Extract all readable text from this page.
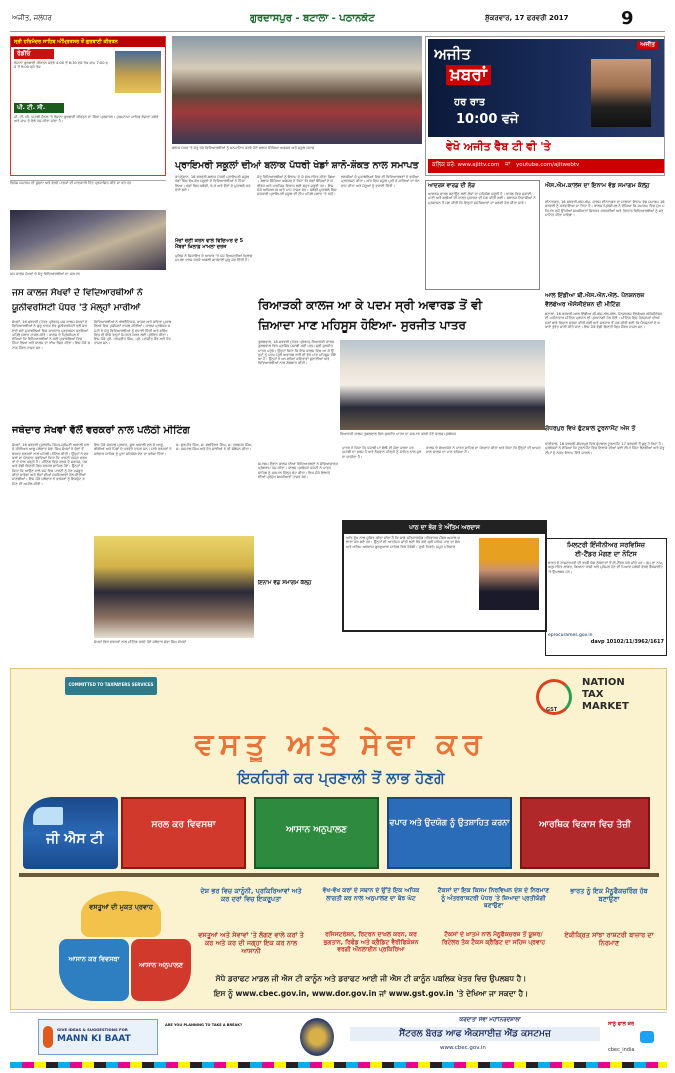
ਅਜੀਤ, ਜਲੰਧਰ	ਗੁਰਦਾਸਪੁਰ - ਬਟਾਲਾ - ਪਠਾਨਕੋਟ	ਸ਼ੁੱਕਰਵਾਰ, 17 ਫਰਵਰੀ 2017	9
ਸ੍ਰੀ ਹਰਿਮੰਦਰ ਸਾਹਿਬ ਅੰਮ੍ਰਿਤਸਰ ਤੋਂ ਗੁਰਬਾਣੀ ਕੀਰਤਨ
ਰੇਡੀਓ
ਰੋਜ਼ਾਨਾ ਗੁਰਬਾਣੀ ਕੀਰਤਨ ਸਵੇਰੇ 4:00 ਤੋਂ 6:30 ਵਜੇ ਤੱਕ ਸ਼ਾਮ 7:00 ਵਜੇ ਤੋਂ 9:00 ਵਜੇ ਤੱਕ
ਪੀ. ਟੀ. ਸੀ.
ਪੀ. ਟੀ. ਸੀ. ਪੰਜਾਬੀ ਚੈਨਲ 'ਤੇ ਰੋਜ਼ਾਨਾ ਗੁਰਬਾਣੀ ਕੀਰਤਨ ਦਾ ਸਿੱਧਾ ਪ੍ਰਸਾਰਨ। ਹੁਕਮਨਾਮਾ ਸਾਹਿਬ ਰੋਜ਼ਾਨਾ ਸਵੇਰੇ ਅਤੇ ਸ਼ਾਮ ਦੇ ਵੇਲੇ ਪੇਸ਼ ਕੀਤਾ ਜਾਂਦਾ ਹੈ।
ਬਲਾਕ ਪੱਧਰ 'ਤੇ ਜੇਤੂ ਰਹੇ ਵਿਦਿਆਰਥੀਆਂ ਨੂੰ ਸਨਮਾਨਿਤ ਕਰਦੇ ਹੋਏ ਬਲਾਕ ਸਿੱਖਿਆ ਅਫਸਰ ਅਤੇ ਸਕੂਲ ਸਟਾਫ਼
ਪ੍ਰਾਇਮਰੀ ਸਕੂਲਾਂ ਦੀਆਂ ਬਲਾਕ ਪੱਧਰੀ ਖੇਡਾਂ ਸ਼ਾਨੋ-ਸ਼ੌਕਤ ਨਾਲ ਸਮਾਪਤ
ਅਜੀਤ
ਅਜੀਤ
ਖ਼ਬਰਾਂ
ਹਰ ਰਾਤ
10:00 ਵਜੇ
ਵੇਖੋ ਅਜੀਤ ਵੈਬ ਟੀ ਵੀ 'ਤੇ
ਕਲਿੱਕ ਕਰੋ: www.ajittv.com ਜਾਂ youtube.com/ajitwebtv
ਵਿਸ਼ੇਸ਼ ਸਮਾਗਮ ਦੀ ਸੂਚਨਾ ਅਤੇ ਵੇਰਵੇ ਪਾਠਕਾਂ ਦੀ ਜਾਣਕਾਰੀ ਹਿੱਤ ਪ੍ਰਕਾਸ਼ਿਤ ਕੀਤੇ ਜਾ ਰਹੇ ਹਨ
ਜਸ ਕਾਲਜ ਸੇਖਵਾਂ ਦੇ ਜੇਤੂ ਵਿਦਿਆਰਥੀਆਂ ਦਾ ਸਨਮਾਨ
ਜਸ ਕਾਲਜ ਸੇਖਵਾਂ ਦੇ ਵਿਦਿਆਰਥੀਆਂ ਨੇ
ਯੂਨੀਵਰਸਿਟੀ ਪੱਧਰ 'ਤੇ ਮੱਲ੍ਹਾਂ ਮਾਰੀਆਂ
ਸੇਖਵਾਂ, 16 ਫਰਵਰੀ (ਪੱਤਰ ਪ੍ਰੇਰਕ)-ਜਸ ਕਾਲਜ ਸੇਖਵਾਂ ਦੇ ਵਿਦਿਆਰਥੀਆਂ ਨੇ ਗੁਰੂ ਨਾਨਕ ਦੇਵ ਯੂਨੀਵਰਸਿਟੀ ਵਲੋਂ ਕਰਵਾਏ ਗਏ ਮੁਕਾਬਲਿਆਂ ਵਿਚ ਸ਼ਾਨਦਾਰ ਪ੍ਰਦਰਸ਼ਨ ਕਰਦਿਆਂ ਪਹਿਲੇ ਸਥਾਨ ਹਾਸਲ ਕੀਤੇ। ਕਾਲਜ ਦੇ ਪ੍ਰਿੰਸੀਪਲ ਨੇ ਦੱਸਿਆ ਕਿ ਵਿਦਿਆਰਥੀਆਂ ਨੇ ਕਈ ਮੁਕਾਬਲਿਆਂ ਵਿਚ ਹਿੱਸਾ ਲਿਆ ਅਤੇ ਕਾਲਜ ਦਾ ਨਾਂਅ ਰੌਸ਼ਨ ਕੀਤਾ। ਇਸ ਮੌਕੇ ਸਟਾਫ਼ ਮੈਂਬਰ ਹਾਜ਼ਰ ਸਨ।
ਵਿਦਿਆਰਥੀਆਂ ਨੇ ਐਥਲੈਟਿਕਸ, ਭਾਸ਼ਣ ਅਤੇ ਕਵਿਤਾ ਮੁਕਾਬਲਿਆਂ ਵਿਚ ਪੁਜ਼ੀਸ਼ਨਾਂ ਹਾਸਲ ਕੀਤੀਆਂ। ਕਾਲਜ ਪ੍ਰਬੰਧਕ ਕਮੇਟੀ ਨੇ ਜੇਤੂ ਵਿਦਿਆਰਥੀਆਂ ਨੂੰ ਵਧਾਈ ਦਿੱਤੀ ਅਤੇ ਭਵਿੱਖ ਵਿਚ ਵੀ ਇਸੇ ਤਰ੍ਹਾਂ ਮਿਹਨਤ ਕਰਨ ਲਈ ਪ੍ਰੇਰਿਤ ਕੀਤਾ। ਇਸ ਮੌਕੇ ਪ੍ਰੋ. ਹਰਪ੍ਰੀਤ ਸਿੰਘ, ਪ੍ਰੋ. ਮਨਜੀਤ ਕੌਰ ਅਤੇ ਹੋਰ ਹਾਜ਼ਰ ਸਨ।
ਜਥੇਦਾਰ ਸੇਖਵਾਂ ਵੱਲੋਂ ਵਰਕਰਾਂ ਨਾਲ ਪਲੇਠੀ ਮੀਟਿੰਗ
ਸੇਖਵਾਂ, 16 ਫਰਵਰੀ (ਕੁਲਦੀਪ ਸਿੰਘ)-ਸ਼੍ਰੋਮਣੀ ਅਕਾਲੀ ਦਲ ਦੇ ਸੀਨੀਅਰ ਆਗੂ ਜਥੇਦਾਰ ਸੇਵਾ ਸਿੰਘ ਸੇਖਵਾਂ ਨੇ ਚੋਣਾਂ ਤੋਂ ਬਾਅਦ ਵਰਕਰਾਂ ਨਾਲ ਪਹਿਲੀ ਮੀਟਿੰਗ ਕੀਤੀ। ਉਨ੍ਹਾਂ ਨੇ ਵਰਕਰਾਂ ਦਾ ਧੰਨਵਾਦ ਕਰਦਿਆਂ ਕਿਹਾ ਕਿ ਪਾਰਟੀ ਹਮੇਸ਼ਾ ਵਰਕਰਾਂ ਦੇ ਨਾਲ ਖੜ੍ਹੀ ਹੈ। ਮੀਟਿੰਗ ਵਿਚ ਹਲਕੇ ਦੇ ਸਰਪੰਚ, ਪੰਚ ਅਤੇ ਵੱਡੀ ਗਿਣਤੀ ਵਿਚ ਵਰਕਰ ਸ਼ਾਮਿਲ ਹੋਏ। ਉਨ੍ਹਾਂ ਨੇ ਕਿਹਾ ਕਿ ਆਉਣ ਵਾਲੇ ਸਮੇਂ ਵਿਚ ਪਾਰਟੀ ਨੂੰ ਹੋਰ ਮਜ਼ਬੂਤ ਕੀਤਾ ਜਾਵੇਗਾ ਅਤੇ ਲੋਕਾਂ ਦੀਆਂ ਸਮੱਸਿਆਵਾਂ ਹੱਲ ਕੀਤੀਆਂ ਜਾਣਗੀਆਂ। ਇਸ ਮੌਕੇ ਜਥੇਦਾਰ ਨੇ ਵਰਕਰਾਂ ਨੂੰ ਇਕਜੁੱਟ ਰਹਿਣ ਦੀ ਅਪੀਲ ਕੀਤੀ।
ਇਸ ਮੌਕੇ ਸਰਕਲ ਪ੍ਰਧਾਨ, ਯੂਥ ਅਕਾਲੀ ਦਲ ਦੇ ਆਗੂ, ਬੀਬੀਆਂ ਅਤੇ ਪਿੰਡਾਂ ਦੇ ਪਤਵੰਤੇ ਹਾਜ਼ਰ ਸਨ। ਸਾਰੇ ਵਰਕਰਾਂ ਨੇ ਜਥੇਦਾਰ ਸਾਹਿਬ ਨੂੰ ਪੂਰਾ ਸਹਿਯੋਗ ਦੇਣ ਦਾ ਭਰੋਸਾ ਦਿੱਤਾ।
ਸ: ਗੁਰਮੀਤ ਸਿੰਘ, ਸ: ਬਲਵਿੰਦਰ ਸਿੰਘ, ਸ: ਹਰਭਜਨ ਸਿੰਘ, ਸ: ਜਸਪਾਲ ਸਿੰਘ ਅਤੇ ਹੋਰ ਸਾਥੀਆਂ ਨੇ ਵੀ ਸੰਬੋਧਨ ਕੀਤਾ।
ਸੇਖਵਾਂ ਵਿਖੇ ਵਰਕਰਾਂ ਨਾਲ ਮੀਟਿੰਗ ਕਰਦੇ ਹੋਏ ਜਥੇਦਾਰ ਸੇਵਾ ਸਿੰਘ ਸੇਖਵਾਂ
ਕਾਹਨੂੰਵਾਨ, 16 ਫਰਵਰੀ-ਬਲਾਕ ਪੱਧਰੀ ਪ੍ਰਾਇਮਰੀ ਸਕੂਲ ਖੇਡਾਂ ਵਿਚ ਵੱਖ-ਵੱਖ ਸਕੂਲਾਂ ਦੇ ਵਿਦਿਆਰਥੀਆਂ ਨੇ ਹਿੱਸਾ ਲਿਆ। ਖੇਡਾਂ ਵਿਚ ਕਬੱਡੀ, ਖੋ-ਖੋ ਅਤੇ ਦੌੜਾਂ ਦੇ ਮੁਕਾਬਲੇ ਕਰਵਾਏ ਗਏ।
ਮੈਚਾਂ ਚੋਣੀ ਕਰਨ ਵਾਲੇ ਵਿਦਿਅਰ ਦੇ 5 ਮੈਂਬਰਾਂ ਖ਼ਿਲਾਫ਼ ਮਾਮਲਾ ਦਰਜ
ਪੁਲਿਸ ਨੇ ਸ਼ਿਕਾਇਤ ਦੇ ਆਧਾਰ 'ਤੇ ਪੰਜ ਵਿਅਕਤੀਆਂ ਖ਼ਿਲਾਫ਼ ਮਾਮਲਾ ਦਰਜ ਕਰਕੇ ਅਗਲੀ ਕਾਰਵਾਈ ਸ਼ੁਰੂ ਕਰ ਦਿੱਤੀ ਹੈ।
ਜੇਤੂ ਵਿਦਿਆਰਥੀਆਂ ਨੂੰ ਇਨਾਮ ਦੇ ਕੇ ਸਨਮਾਨਿਤ ਕੀਤਾ ਗਿਆ। ਬਲਾਕ ਸਿੱਖਿਆ ਅਫਸਰ ਨੇ ਕਿਹਾ ਕਿ ਖੇਡਾਂ ਬੱਚਿਆਂ ਦੇ ਸਰੀਰਕ ਅਤੇ ਮਾਨਸਿਕ ਵਿਕਾਸ ਲਈ ਬਹੁਤ ਜ਼ਰੂਰੀ ਹਨ। ਇਸ ਮੌਕੇ ਅਧਿਆਪਕ ਅਤੇ ਮਾਪੇ ਹਾਜ਼ਰ ਸਨ। ਕਬੱਡੀ ਮੁਕਾਬਲੇ ਵਿਚ ਸਰਕਾਰੀ ਪ੍ਰਾਇਮਰੀ ਸਕੂਲ ਦੀ ਟੀਮ ਪਹਿਲੇ ਸਥਾਨ 'ਤੇ ਰਹੀ।
ਲੜਕੀਆਂ ਦੇ ਮੁਕਾਬਲਿਆਂ ਵਿਚ ਵੀ ਵਿਦਿਆਰਥਣਾਂ ਨੇ ਵਧੀਆ ਪ੍ਰਦਰਸ਼ਨ ਕੀਤਾ। ਅੰਤ ਵਿਚ ਸਕੂਲ ਮੁਖੀ ਨੇ ਸਾਰਿਆਂ ਦਾ ਧੰਨਵਾਦ ਕੀਤਾ ਅਤੇ ਜੇਤੂਆਂ ਨੂੰ ਵਧਾਈ ਦਿੱਤੀ।	ਆਦਰਸ਼ ਵਾਰਡ ਦੀ ਲੋੜ
ਆਦਰਸ਼ ਵਾਰਡ ਬਣਾਉਣ ਲਈ ਲੋਕਾਂ ਦਾ ਸਹਿਯੋਗ ਜ਼ਰੂਰੀ ਹੈ। ਵਾਰਡ ਵਿਚ ਸਫ਼ਾਈ, ਪਾਣੀ ਅਤੇ ਗਲੀਆਂ ਦੀ ਹਾਲਤ ਸੁਧਾਰਨ ਦੀ ਮੰਗ ਕੀਤੀ ਗਈ। ਸਥਾਨਕ ਨਿਵਾਸੀਆਂ ਨੇ ਪ੍ਰਸ਼ਾਸਨ ਤੋਂ ਮੰਗ ਕੀਤੀ ਕਿ ਇਨ੍ਹਾਂ ਸਮੱਸਿਆਵਾਂ ਦਾ ਜਲਦੀ ਹੱਲ ਕੀਤਾ ਜਾਵੇ।
ਐਸ.ਐਮ.ਕਾਲਜ ਦਾ ਇਨਾਮ ਵੰਡ ਸਮਾਗਮ ਕੱਲ੍ਹ
ਦੀਨਾਨਗਰ, 16 ਫਰਵਰੀ-ਐਸ.ਐਮ. ਕਾਲਜ ਦੀਨਾਨਗਰ ਦਾ ਸਾਲਾਨਾ ਇਨਾਮ ਵੰਡ ਸਮਾਗਮ 18 ਫਰਵਰੀ ਨੂੰ ਕਰਵਾਇਆ ਜਾ ਰਿਹਾ ਹੈ। ਕਾਲਜ ਪ੍ਰਿੰਸੀਪਲ ਨੇ ਦੱਸਿਆ ਕਿ ਸਮਾਗਮ ਵਿਚ ਮੁੱਖ ਮਹਿਮਾਨ ਵਜੋਂ ਉੱਘੀਆਂ ਸ਼ਖ਼ਸੀਅਤਾਂ ਸ਼ਿਰਕਤ ਕਰਨਗੀਆਂ ਅਤੇ ਹੋਣਹਾਰ ਵਿਦਿਆਰਥੀਆਂ ਨੂੰ ਸਨਮਾਨਿਤ ਕੀਤਾ ਜਾਵੇਗਾ।
ਰਿਆੜਕੀ ਕਾਲਜ ਆ ਕੇ ਪਦਮ ਸ੍ਰੀ ਅਵਾਰਡ ਤੋਂ ਵੀ
ਜ਼ਿਆਦਾ ਮਾਣ ਮਹਿਸੂਸ ਹੋਇਆ- ਸੁਰਜੀਤ ਪਾਤਰ
ਤੁਗਲਵਾਲ, 16 ਫਰਵਰੀ (ਪੱਤਰ ਪ੍ਰੇਰਕ)-ਰਿਆੜਕੀ ਕਾਲਜ ਤੁਗਲਵਾਲ ਵਿਖੇ ਪ੍ਰਸਿੱਧ ਪੰਜਾਬੀ ਕਵੀ ਪਦਮ ਸ੍ਰੀ ਸੁਰਜੀਤ ਪਾਤਰ ਪਹੁੰਚੇ। ਉਨ੍ਹਾਂ ਕਿਹਾ ਕਿ ਇਸ ਕਾਲਜ ਵਿਚ ਆ ਕੇ ਉਨ੍ਹਾਂ ਨੂੰ ਪਦਮ ਸ੍ਰੀ ਅਵਾਰਡ ਨਾਲੋਂ ਵੀ ਵੱਧ ਮਾਣ ਮਹਿਸੂਸ ਹੋਇਆ ਹੈ। ਉਨ੍ਹਾਂ ਨੇ ਆਪਣੀਆਂ ਕਵਿਤਾਵਾਂ ਸੁਣਾਈਆਂ ਅਤੇ ਵਿਦਿਆਰਥੀਆਂ ਨਾਲ ਗੱਲਬਾਤ ਕੀਤੀ।
ਰਿਆੜਕੀ ਕਾਲਜ ਤੁਗਲਵਾਲ ਵਿਖੇ ਸੁਰਜੀਤ ਪਾਤਰ ਦਾ ਸਨਮਾਨ ਕਰਦੇ ਹੋਏ ਕਾਲਜ ਪ੍ਰਬੰਧਕ
ਸਮਾਗਮ ਦੌਰਾਨ ਕਾਲਜ ਦੀਆਂ ਵਿਦਿਆਰਥਣਾਂ ਨੇ ਸੱਭਿਆਚਾਰਕ ਪ੍ਰੋਗਰਾਮ ਪੇਸ਼ ਕੀਤਾ। ਕਾਲਜ ਪ੍ਰਬੰਧਕ ਕਮੇਟੀ ਨੇ ਪਾਤਰ ਸਾਹਿਬ ਨੂੰ ਸਨਮਾਨ ਚਿੰਨ੍ਹ ਭੇਟ ਕੀਤਾ। ਇਸ ਮੌਕੇ ਇਲਾਕੇ ਦੀਆਂ ਪ੍ਰਮੁੱਖ ਸ਼ਖ਼ਸੀਅਤਾਂ ਹਾਜ਼ਰ ਸਨ।
ਇਨਾਮ ਵੰਡ ਸਮਾਗਮ ਕੱਲ੍ਹ
ਪਾਤਰ ਨੇ ਕਿਹਾ ਕਿ ਪੰਜਾਬੀ ਮਾਂ ਬੋਲੀ ਦੀ ਸੇਵਾ ਕਰਨਾ ਹਰ ਪੰਜਾਬੀ ਦਾ ਫ਼ਰਜ਼ ਹੈ ਅਤੇ ਨੌਜਵਾਨ ਪੀੜ੍ਹੀ ਨੂੰ ਸਾਹਿਤ ਨਾਲ ਜੁੜਨਾ ਚਾਹੀਦਾ ਹੈ।
ਕਾਲਜ ਦੇ ਚੇਅਰਮੈਨ ਨੇ ਪਾਤਰ ਸਾਹਿਬ ਦਾ ਧੰਨਵਾਦ ਕੀਤਾ ਅਤੇ ਕਿਹਾ ਕਿ ਉਨ੍ਹਾਂ ਦੀ ਆਮਦ ਨਾਲ ਕਾਲਜ ਦਾ ਮਾਣ ਵਧਿਆ ਹੈ।
ਪਾਠ ਦਾ ਭੋਗ ਤੇ ਅੰਤਿਮ ਅਰਦਾਸ
ਅਤਿ ਦੁੱਖ ਨਾਲ ਸੂਚਿਤ ਕੀਤਾ ਜਾਂਦਾ ਹੈ ਕਿ ਸਾਡੇ ਸਤਿਕਾਰਯੋਗ ਪਰਿਵਾਰਕ ਮੈਂਬਰ ਅਕਾਲ ਚਲਾਣਾ ਕਰ ਗਏ ਹਨ। ਉਨ੍ਹਾਂ ਦੀ ਆਤਮਿਕ ਸ਼ਾਂਤੀ ਲਈ ਰੱਖੇ ਗਏ ਸ੍ਰੀ ਸਹਿਜ ਪਾਠ ਦਾ ਭੋਗ ਅਤੇ ਅੰਤਿਮ ਅਰਦਾਸ ਗੁਰਦੁਆਰਾ ਸਾਹਿਬ ਵਿਖੇ ਹੋਵੇਗੀ। ਦੁਖੀ ਹਿਰਦੇ: ਸਮੂਹ ਪਰਿਵਾਰ
ਆਲ ਇੰਡੀਆ ਬੀ.ਐਸ.ਐਨ.ਐਲ. ਪੈਨਸ਼ਨਰਜ਼
ਵੈਲਫੇਅਰ ਐਸੋਸੀਏਸ਼ਨ ਦੀ ਮੀਟਿੰਗ
ਬਟਾਲਾ, 16 ਫਰਵਰੀ-ਆਲ ਇੰਡੀਆ ਬੀ.ਐਸ.ਐਨ.ਐਲ. ਪੈਨਸ਼ਨਰਜ਼ ਵੈਲਫੇਅਰ ਐਸੋਸੀਏਸ਼ਨ ਦੀ ਮਹੀਨਾਵਾਰ ਮੀਟਿੰਗ ਪ੍ਰਧਾਨ ਦੀ ਪ੍ਰਧਾਨਗੀ ਹੇਠ ਹੋਈ। ਮੀਟਿੰਗ ਵਿਚ ਪੈਨਸ਼ਨਰਾਂ ਦੀਆਂ ਮੰਗਾਂ ਬਾਰੇ ਵਿਚਾਰ ਚਰਚਾ ਕੀਤੀ ਗਈ ਅਤੇ ਸਰਕਾਰ ਤੋਂ ਮੰਗ ਕੀਤੀ ਗਈ ਕਿ ਪੈਨਸ਼ਨਰਾਂ ਦੇ ਬਕਾਏ ਤੁਰੰਤ ਜਾਰੀ ਕੀਤੇ ਜਾਣ। ਇਸ ਮੌਕੇ ਵੱਡੀ ਗਿਣਤੀ ਵਿਚ ਮੈਂਬਰ ਹਾਜ਼ਰ ਸਨ।
ਗੋਧਰਪੁਰ ਵਿਖੇ ਫੁੱਟਬਾਲ ਟੂਰਨਾਮੈਂਟ ਅੱਜ ਤੋਂ
ਧਾਰੀਵਾਲ, 16 ਫਰਵਰੀ-ਗੋਧਰਪੁਰ ਵਿਖੇ ਫੁੱਟਬਾਲ ਟੂਰਨਾਮੈਂਟ 17 ਫਰਵਰੀ ਤੋਂ ਸ਼ੁਰੂ ਹੋ ਰਿਹਾ ਹੈ। ਪ੍ਰਬੰਧਕਾਂ ਨੇ ਦੱਸਿਆ ਕਿ ਟੂਰਨਾਮੈਂਟ ਵਿਚ ਇਲਾਕੇ ਦੀਆਂ ਕਈ ਟੀਮਾਂ ਹਿੱਸਾ ਲੈਣਗੀਆਂ ਅਤੇ ਜੇਤੂ ਟੀਮਾਂ ਨੂੰ ਨਕਦ ਇਨਾਮ ਦਿੱਤੇ ਜਾਣਗੇ।
ਮਿਲਟਰੀ ਇੰਜੀਨੀਅਰ ਸਰਵਿਸਿਜ਼
ਈ-ਟੈਂਡਰ ਮੰਗਣ ਦਾ ਨੋਟਿਸ
ਭਾਰਤ ਦੇ ਰਾਸ਼ਟਰਪਤੀ ਦੀ ਤਰਫ਼ੋਂ ਯੋਗ ਠੇਕੇਦਾਰਾਂ ਤੋਂ ਈ-ਟੈਂਡਰ ਮੰਗੇ ਜਾਂਦੇ ਹਨ। ਕੰਮ ਦਾ ਨਾਮ, ਅਨੁਮਾਨਿਤ ਲਾਗਤ, ਬਿਆਨਾ ਰਾਸ਼ੀ ਅਤੇ ਮੁਕੰਮਲ ਹੋਣ ਦੀ ਮਿਆਦ ਸਬੰਧੀ ਵੇਰਵੇ ਵੈੱਬਸਾਈਟ 'ਤੇ ਉਪਲਬਧ ਹਨ।
eprocurames.gov.in
davp 10102/11/3962/1617
COMMITTED TO TAXPAYERS SERVICES
GST
NATION
TAX
MARKET
ਵਸਤੂ ਅਤੇ ਸੇਵਾ ਕਰ
ਇਕਹਿਰੀ ਕਰ ਪ੍ਰਣਾਲੀ ਤੋਂ ਲਾਭ ਹੋਣਗੇ
ਜੀ ਐਸ ਟੀ
ਸਰਲ ਕਰ ਵਿਵਸਥਾ	ਆਸਾਨ ਅਨੁਪਾਲਣ
ਵਪਾਰ ਅਤੇ ਉਦਯੋਗ ਨੂੰ ਉਤਸ਼ਾਹਿਤ ਕਰਨਾ	ਆਰਥਿਕ ਵਿਕਾਸ ਵਿਚ ਤੇਜ਼ੀ
ਵਸਤੂਆਂ ਦੀ ਮੁਕਤ ਪ੍ਰਵਾਹ
ਆਸਾਨ ਕਰ ਵਿਵਸਥਾ
ਆਸਾਨ ਅਨੁਪਾਲਣ
ਦੇਸ਼ ਭਰ ਵਿਚ ਕਾਨੂੰਨੀ, ਪ੍ਰਕਿਰਿਆਵਾਂ ਅਤੇ ਕਰ ਦਰਾਂ ਵਿਚ ਇਕਰੂਪਤਾ
ਵਸਤੂਆਂ ਅਤੇ ਸੇਵਾਵਾਂ 'ਤੇ ਲੱਗਣ ਵਾਲੇ ਕਰਾਂ ਤੇ ਕਰ ਅਤੇ ਕਰ ਦੀ ਜਗ੍ਹਾ ਇਕ ਕਰ ਨਾਲ ਆਸਾਨੀ
ਵੱਖ-ਵੱਖ ਕਰਾਂ ਦੇ ਸਥਾਨ ਦੇ ਉੱਤੇ ਇਕ ਅਧਿਕ ਲਾਗਤੀ ਕਰ ਨਾਲ ਅਨੁਪਾਲਣ ਦਾ ਬੋਝ ਘੱਟ
ਰਜਿਸਟਰੇਸ਼ਨ, ਰਿਟਰਨ ਦਾਖ਼ਲ ਕਰਨ, ਕਰ ਭੁਗਤਾਨ, ਰਿਫੰਡ ਅਤੇ ਕ੍ਰੈਡਿਟ ਵੈਰੀਫਿਕੇਸ਼ਨ ਵਰਗੀ ਔਨਲਾਈਨ ਪ੍ਰਕਿਰਿਆ
ਟੈਕਸਾਂ ਦਾ ਇਕ ਕਿਸਮ ਨਿਰਵਿਘਨ ਦੇਸ਼ ਦੇ ਨਿਰਮਾਣ ਨੂੰ ਅੰਤਰਰਾਸ਼ਟਰੀ ਪੱਧਰ 'ਤੇ ਜ਼ਿਆਦਾ ਪ੍ਰਤੀਯੋਗੀ ਬਣਾਉਣਾ
ਟੈਕਸਾਂ ਦੇ ਖ਼ਾਤਮੇ ਨਾਲ ਮੈਨੂਫੈਕਚਰਜ਼ ਤੋਂ ਯੂਜ਼ਰ/ਰਿਟੇਲਰ ਤੱਕ ਟੈਕਸ ਕ੍ਰੈਡਿਟ ਦਾ ਸਹਿਜ ਪ੍ਰਵਾਹ
ਭਾਰਤ ਨੂੰ ਇਕ ਮੈਨੂਫੈਕਚਰਿੰਗ ਹੱਬ ਬਣਾਉਣਾ
ਏਕੀਕ੍ਰਿਤ ਸਾਂਝਾ ਰਾਸ਼ਟਰੀ ਬਾਜ਼ਾਰ ਦਾ ਨਿਰਮਾਣ
ਸੋਧੇ ਡਰਾਫਟ ਮਾਡਲ ਜੀ ਐਸ ਟੀ ਕਾਨੂੰਨ ਅਤੇ ਡਰਾਫਟ ਆਈ ਜੀ ਐਸ ਟੀ ਕਾਨੂੰਨ ਪਬਲਿਕ ਖੇਤਰ ਵਿਚ ਉਪਲਬਧ ਹੈ।
ਇਸ ਨੂੰ www.cbec.gov.in, www.dor.gov.in ਜਾਂ www.gst.gov.in 'ਤੇ ਦੇਖਿਆ ਜਾ ਸਕਦਾ ਹੈ।
GIVE IDEAS & SUGGESTIONS FOR
MANN KI BAAT
ARE YOU PLANNING TO TAKE A BREAK?
ਕਰਦਾਤਾ ਸੇਵਾ ਮਹਾਂਨਿਰਦੇਸ਼ਾਲਾ
ਸੈਂਟਰਲ ਬੋਰਡ ਆਫ ਐਕਸਾਈਜ਼ ਐਂਡ ਕਸਟਮਜ਼
www.cbec.gov.in
ਸਾਨੂੰ ਫਾਲੋ ਕਰੋ
cbec_india
